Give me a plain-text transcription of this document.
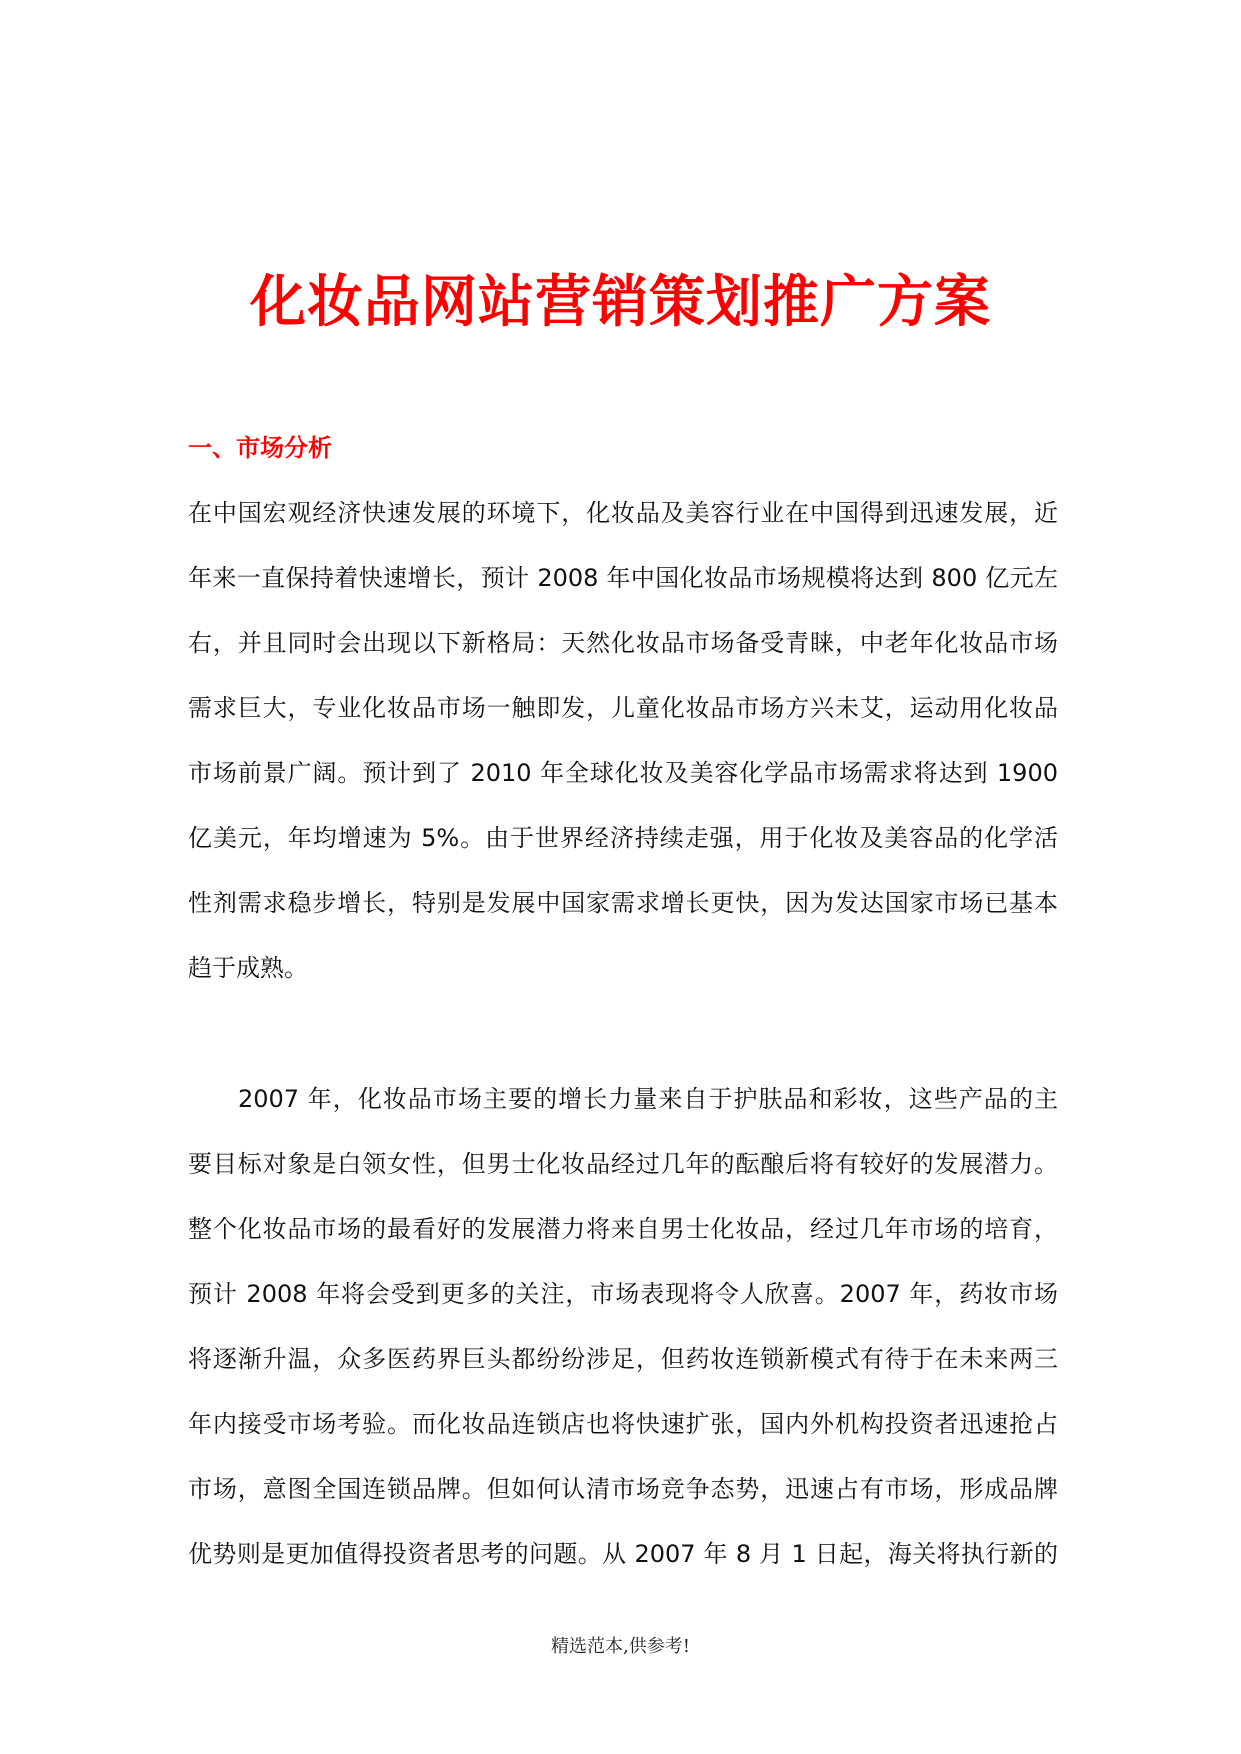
化妆品网站营销策划推广方案
一、市场分析
在中国宏观经济快速发展的环境下，化妆品及美容行业在中国得到迅速发展，近
年来一直保持着快速增长，预计 2008 年中国化妆品市场规模将达到 800 亿元左
右，并且同时会出现以下新格局：天然化妆品市场备受青睐，中老年化妆品市场
需求巨大，专业化妆品市场一触即发，儿童化妆品市场方兴未艾，运动用化妆品
市场前景广阔。预计到了 2010 年全球化妆及美容化学品市场需求将达到 1900
亿美元，年均增速为 5%。由于世界经济持续走强，用于化妆及美容品的化学活
性剂需求稳步增长，特别是发展中国家需求增长更快，因为发达国家市场已基本
趋于成熟。
2007 年，化妆品市场主要的增长力量来自于护肤品和彩妆，这些产品的主
要目标对象是白领女性，但男士化妆品经过几年的酝酿后将有较好的发展潜力。
整个化妆品市场的最看好的发展潜力将来自男士化妆品，经过几年市场的培育，
预计 2008 年将会受到更多的关注，市场表现将令人欣喜。2007 年，药妆市场
将逐渐升温，众多医药界巨头都纷纷涉足，但药妆连锁新模式有待于在未来两三
年内接受市场考验。而化妆品连锁店也将快速扩张，国内外机构投资者迅速抢占
市场，意图全国连锁品牌。但如何认清市场竞争态势，迅速占有市场，形成品牌
优势则是更加值得投资者思考的问题。从 2007 年 8 月 1 日起，海关将执行新的
精选范本,供参考!
